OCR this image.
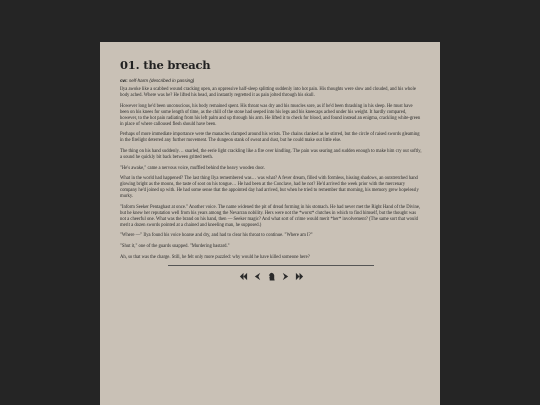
01. the breach
cw: self-harm (described in passing)

Ilya awoke like a scabbed wound cracking open, an oppressive half-sleep splitting suddenly into hot pain. His thoughts were slow and clouded, and his whole body ached. Where was he? He lifted his head, and instantly regretted it as pain jolted through his skull.

However long he'd been unconscious, his body remained spent. His throat was dry and his muscles sore, as if he'd been thrashing in his sleep. He must have been on his knees for some length of time, as the chill of the stone had seeped into his legs and his kneecaps ached under his weight. It hardly compared, however, to the hot pain radiating from his left palm and up through his arm. He lifted it to check for blood, and found instead an enigma, crackling white-green in place of where calloused flesh should have been.

Perhaps of more immediate importance were the manacles clamped around his wrists. The chains clanked as he stirred, but the circle of raised swords gleaming in the firelight deterred any further movement. The dungeon stank of sweat and dust, but he could make out little else.

The thing on his hand suddenly… snarled, the eerie light crackling like a fire over kindling. The pain was searing and sudden enough to make him cry out softly, a sound he quickly bit back between gritted teeth.

"He's awake," came a nervous voice, muffled behind the heavy wooden door.

What in the world had happened? The last thing Ilya remembered was… was what? A fever dream, filled with formless, hissing shadows, an outstretched hand glowing bright as the moons, the taste of soot on his tongue… He had been at the Conclave, had he not? He'd arrived the week prior with the mercenary company he'd joined up with. He had some sense that the appointed day had arrived, but when he tried to remember that morning, his memory grew hopelessly murky.

"Inform Seeker Pentaghast at once." Another voice. The name widened the pit of dread forming in his stomach. He had never met the Right Hand of the Divine, but he knew her reputation well from his years among the Nevarran nobility. Hers were not the *worst* clutches in which to find himself, but the thought was not a cheerful one. What was the brand on his hand, then — Seeker magic? And what sort of crime would merit *her* involvement? (The same sort that would merit a dozen swords pointed at a chained and kneeling man, he supposed.)

"Where —" Ilya found his voice hoarse and dry, and had to clear his throat to continue. "Where am I?"

"Shut it," one of the guards snapped. "Murdering bastard."

Ah, so that was the charge. Still, he felt only more puzzled: why would he have killed someone here?
